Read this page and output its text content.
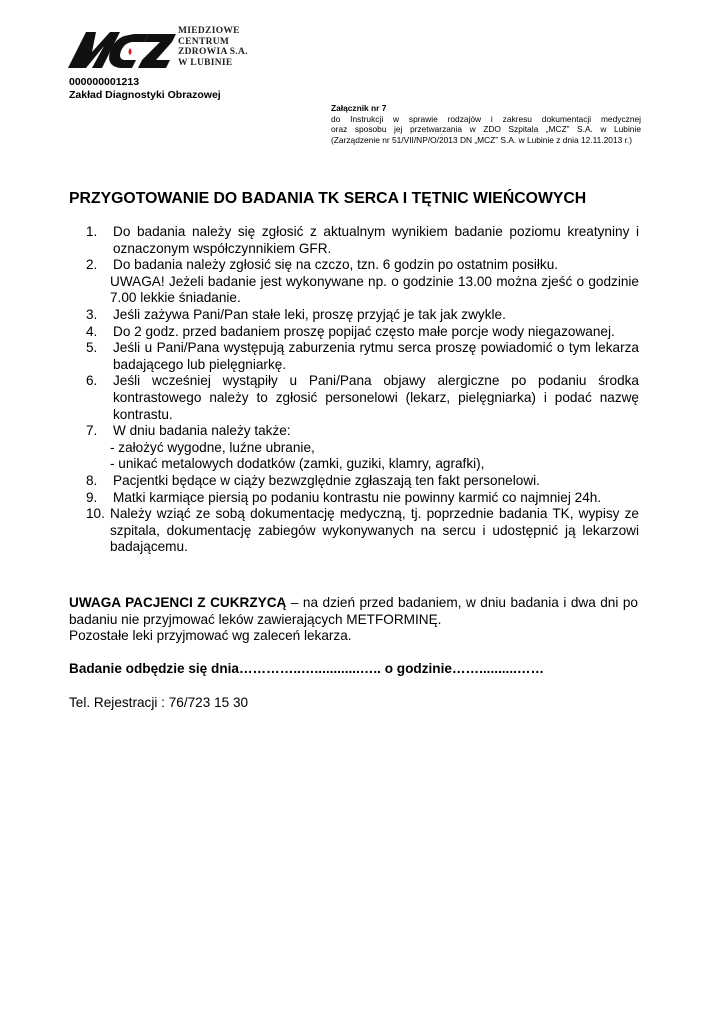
MIEDZIOWE
CENTRUM
ZDROWIA S.A.
W LUBINIE
000000001213
Zakład Diagnostyki Obrazowej
Załącznik nr 7
do Instrukcji w sprawie rodzajów i zakresu dokumentacji medycznej
oraz sposobu jej przetwarzania w ZDO Szpitala „MCZ” S.A. w Lubinie
(Zarządzenie nr 51/VII/NP/O/2013 DN „MCZ” S.A. w Lubinie z dnia 12.11.2013 r.)
PRZYGOTOWANIE DO BADANIA TK SERCA I TĘTNIC WIEŃCOWYCH
1. Do badania należy się zgłosić z aktualnym wynikiem badanie poziomu kreatyniny i oznaczonym współczynnikiem GFR.
2. Do badania należy zgłosić się na czczo, tzn. 6 godzin po ostatnim posiłku.
UWAGA! Jeżeli badanie jest wykonywane np. o godzinie 13.00 można zjeść o godzinie 7.00 lekkie śniadanie.
3. Jeśli zażywa Pani/Pan stałe leki, proszę przyjąć je tak jak zwykle.
4. Do 2 godz. przed badaniem proszę popijać często małe porcje wody niegazowanej.
5. Jeśli u Pani/Pana występują zaburzenia rytmu serca proszę powiadomić o tym lekarza badającego lub pielęgniarkę.
6. Jeśli wcześniej wystąpiły u Pani/Pana objawy alergiczne po podaniu środka kontrastowego należy to zgłosić personelowi (lekarz, pielęgniarka) i podać nazwę kontrastu.
7. W dniu badania należy także:
- założyć wygodne, luźne ubranie,
- unikać metalowych dodatków (zamki, guziki, klamry, agrafki),
8. Pacjentki będące w ciąży bezwzględnie zgłaszają ten fakt personelowi.
9. Matki karmiące piersią po podaniu kontrastu nie powinny karmić co najmniej 24h.
10. Należy wziąć ze sobą dokumentację medyczną, tj. poprzednie badania TK, wypisy ze szpitala, dokumentację zabiegów wykonywanych na sercu i udostępnić ją lekarzowi badającemu.
UWAGA PACJENCI Z CUKRZYCĄ – na dzień przed badaniem, w dniu badania i dwa dni po badaniu nie przyjmować leków zawierających METFORMINĘ.
Pozostałe leki przyjmować wg zaleceń lekarza.
Badanie odbędzie się dnia…………..…............….. o godzinie……..........……
Tel. Rejestracji : 76/723 15 30
